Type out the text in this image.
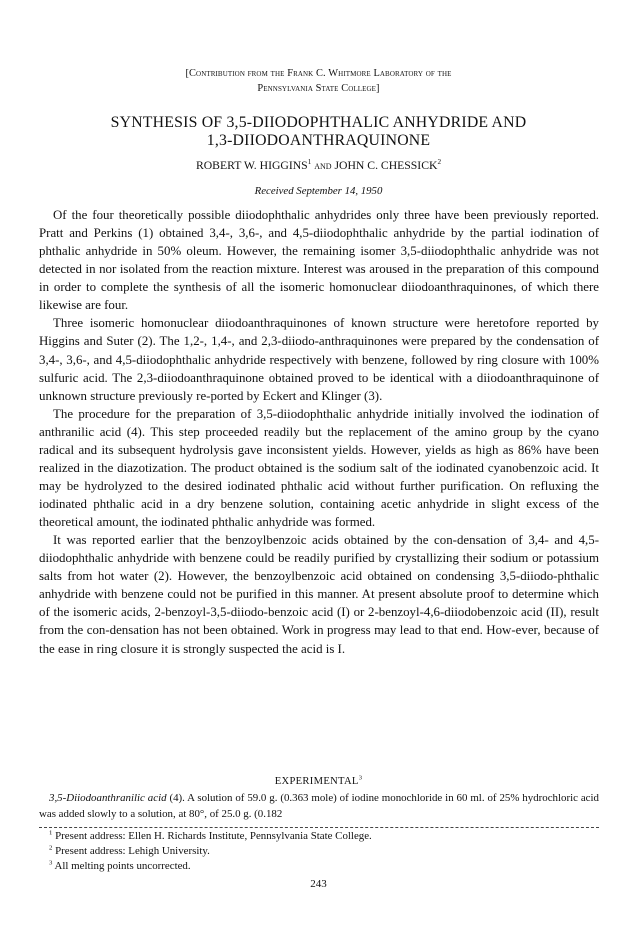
[Contribution from the Frank C. Whitmore Laboratory of the
Pennsylvania State College]
SYNTHESIS OF 3,5-DIIODOPHTHALIC ANHYDRIDE AND
1,3-DIIODOANTHRAQUINONE
ROBERT W. HIGGINS$^1$ and JOHN C. CHESSICK$^2$
Received September 14, 1950

Of the four theoretically possible diiodophthalic anhydrides only three have been previously reported. Pratt and Perkins (1) obtained 3,4-, 3,6-, and 4,5-diiodophthalic anhydride by the partial iodination of phthalic anhydride in 50% oleum. However, the remaining isomer 3,5-diiodophthalic anhydride was not detected in nor isolated from the reaction mixture. Interest was aroused in the preparation of this compound in order to complete the synthesis of all the isomeric homonuclear diiodoanthraquinones, of which there likewise are four.

Three isomeric homonuclear diiodoanthraquinones of known structure were heretofore reported by Higgins and Suter (2). The 1,2-, 1,4-, and 2,3-diiodo-anthraquinones were prepared by the condensation of 3,4-, 3,6-, and 4,5-diiodophthalic anhydride respectively with benzene, followed by ring closure with 100% sulfuric acid. The 2,3-diiodoanthraquinone obtained proved to be identical with a diiodoanthraquinone of unknown structure previously re-ported by Eckert and Klinger (3).

The procedure for the preparation of 3,5-diiodophthalic anhydride initially involved the iodination of anthranilic acid (4). This step proceeded readily but the replacement of the amino group by the cyano radical and its subsequent hydrolysis gave inconsistent yields. However, yields as high as 86% have been realized in the diazotization. The product obtained is the sodium salt of the iodinated cyanobenzoic acid. It may be hydrolyzed to the desired iodinated phthalic acid without further purification. On refluxing the iodinated phthalic acid in a dry benzene solution, containing acetic anhydride in slight excess of the theoretical amount, the iodinated phthalic anhydride was formed.

It was reported earlier that the benzoylbenzoic acids obtained by the con-densation of 3,4- and 4,5-diiodophthalic anhydride with benzene could be readily purified by crystallizing their sodium or potassium salts from hot water (2). However, the benzoylbenzoic acid obtained on condensing 3,5-diiodo-phthalic anhydride with benzene could not be purified in this manner. At present absolute proof to determine which of the isomeric acids, 2-benzoyl-3,5-diiodo-benzoic acid (I) or 2-benzoyl-4,6-diiodobenzoic acid (II), result from the con-densation has not been obtained. Work in progress may lead to that end. How-ever, because of the ease in ring closure it is strongly suspected the acid is I.

EXPERIMENTAL$^3$

3,5-Diiodoanthranilic acid (4). A solution of 59.0 g. (0.363 mole) of iodine monochloride in 60 ml. of 25% hydrochloric acid was added slowly to a solution, at 80°, of 25.0 g. (0.182

$^1$ Present address: Ellen H. Richards Institute, Pennsylvania State College.
$^2$ Present address: Lehigh University.
$^3$ All melting points uncorrected.
243
